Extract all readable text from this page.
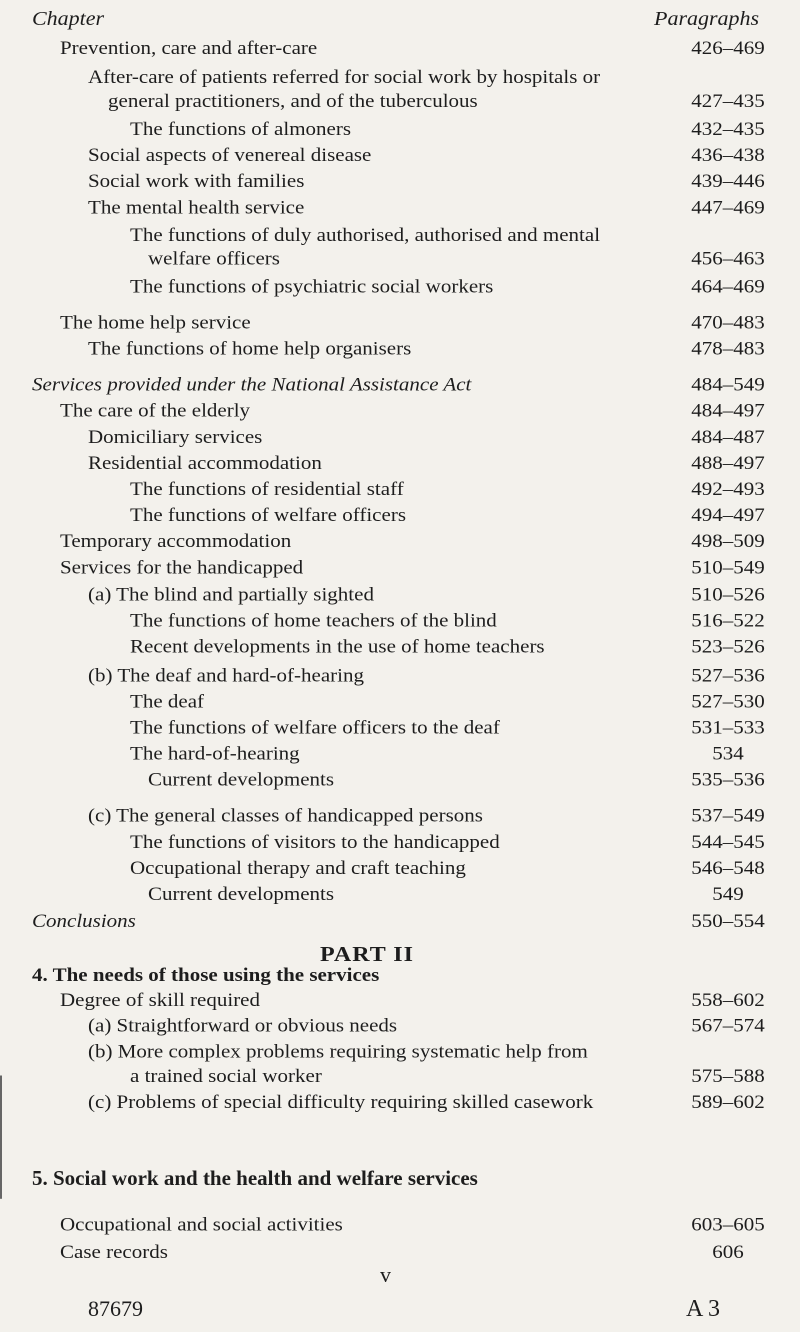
Chapter	Paragraphs
Prevention, care and after-care	426–469
After-care of patients referred for social work by hospitals or
general practitioners, and of the tuberculous	427–435
The functions of almoners	432–435
Social aspects of venereal disease	436–438
Social work with families	439–446
The mental health service	447–469
The functions of duly authorised, authorised and mental
welfare officers	456–463
The functions of psychiatric social workers	464–469
The home help service	470–483
The functions of home help organisers	478–483
Services provided under the National Assistance Act	484–549
The care of the elderly	484–497
Domiciliary services	484–487
Residential accommodation	488–497
The functions of residential staff	492–493
The functions of welfare officers	494–497
Temporary accommodation	498–509
Services for the handicapped	510–549
(a) The blind and partially sighted	510–526
The functions of home teachers of the blind	516–522
Recent developments in the use of home teachers	523–526
(b) The deaf and hard-of-hearing	527–536
The deaf	527–530
The functions of welfare officers to the deaf	531–533
The hard-of-hearing	534
Current developments	535–536
(c) The general classes of handicapped persons	537–549
The functions of visitors to the handicapped	544–545
Occupational therapy and craft teaching	546–548
Current developments	549
Conclusions	550–554
PART II
4. The needs of those using the services
Degree of skill required	558–602
(a) Straightforward or obvious needs	567–574
(b) More complex problems requiring systematic help from
a trained social worker	575–588
(c) Problems of special difficulty requiring skilled casework	589–602
Occupational and social activities	603–605
Case records	606
5. Social work and the health and welfare services
v
87679	A 3
